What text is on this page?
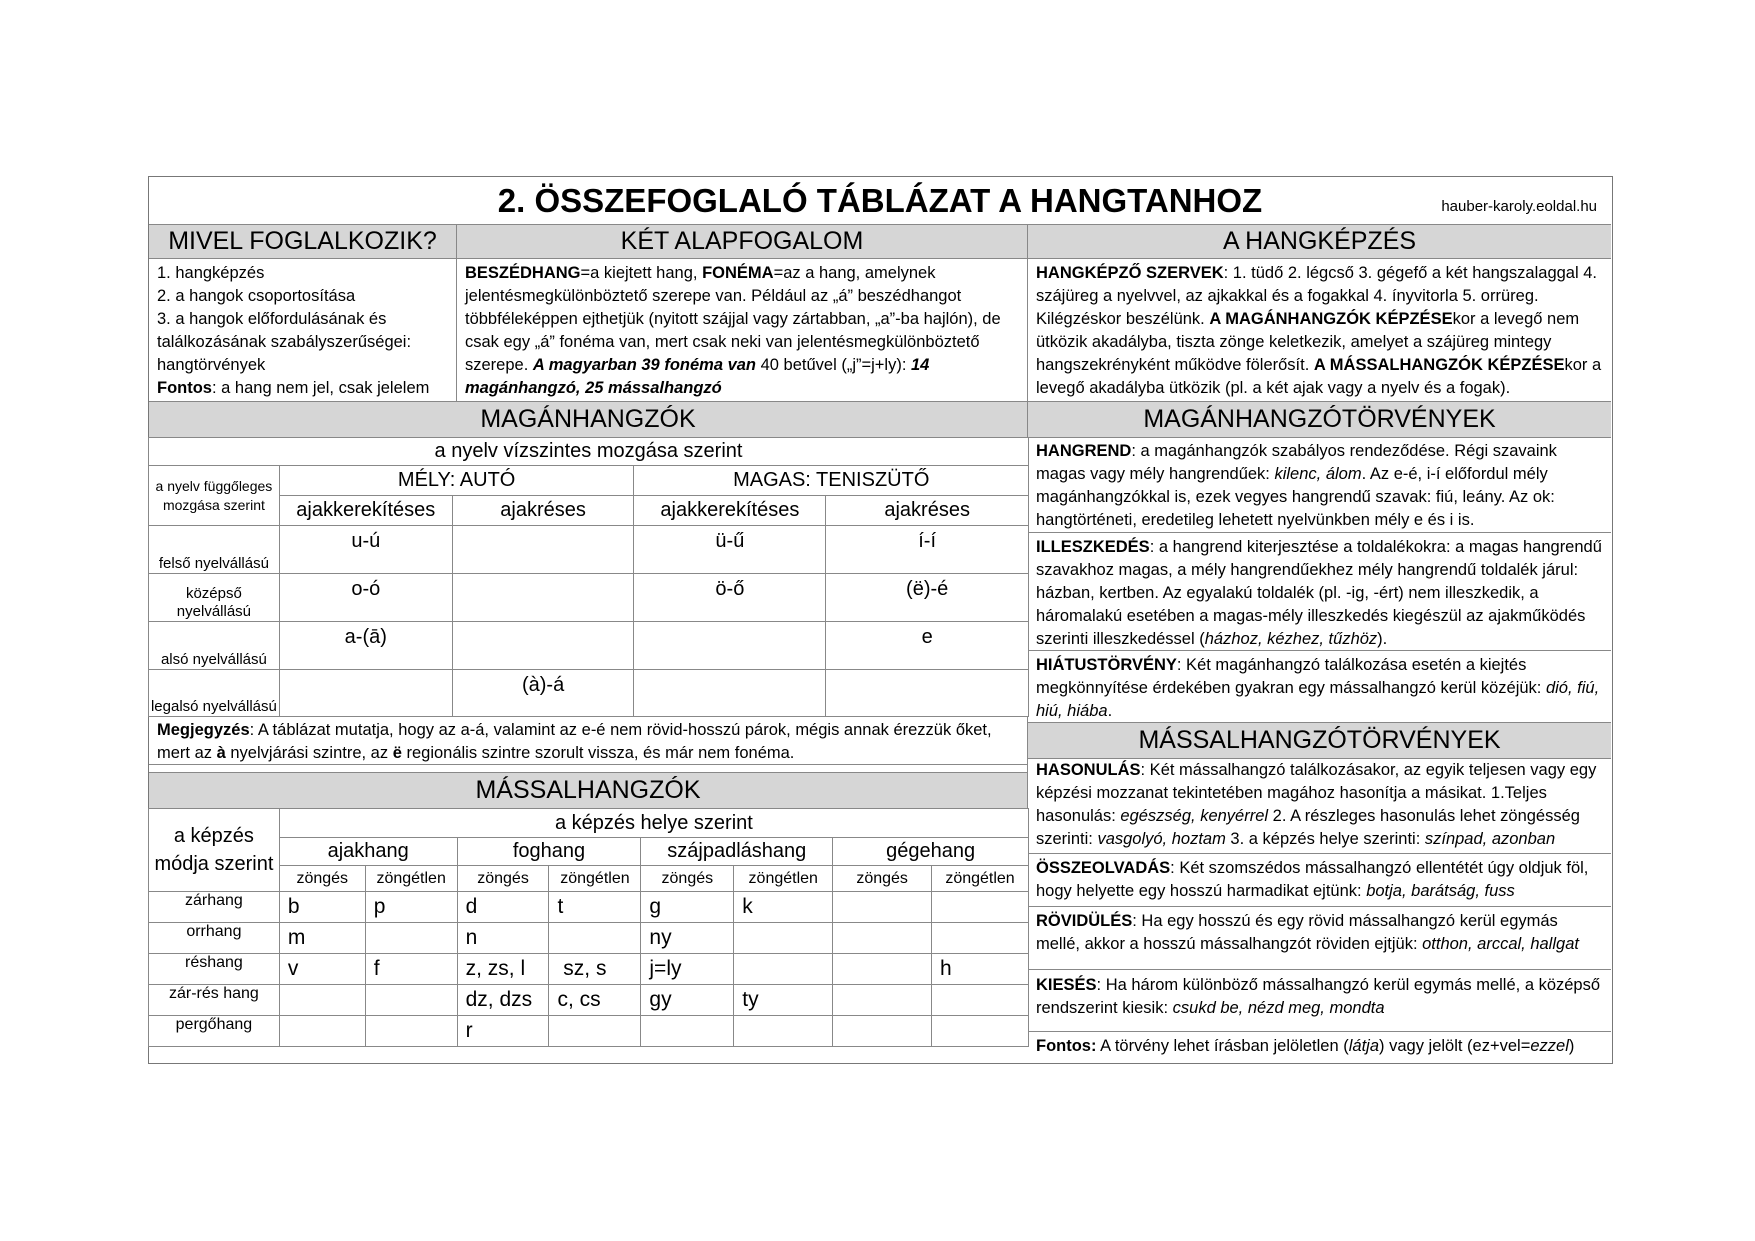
2. ÖSSZEFOGLALÓ TÁBLÁZAT A HANGTANHOZ	hauber-karoly.eoldal.hu
MIVEL FOGLALKOZIK?	KÉT ALAPFOGALOM	A HANGKÉPZÉS
1. hangképzés
2. a hangok csoportosítása
3. a hangok előfordulásának és
találkozásának szabályszerűségei:
hangtörvények
Fontos: a hang nem jel, csak jelelem
BESZÉDHANG=a kiejtett hang, FONÉMA=az a hang, amelynek jelentésmegkülönböztető szerepe van. Például az „á” beszédhangot többféleképpen ejthetjük (nyitott szájjal vagy zártabban, „a”-ba hajlón), de csak egy „á” fonéma van, mert csak neki van jelentésmegkülönböztető szerepe. A magyarban 39 fonéma van 40 betűvel („j”=j+ly): 14 magánhangzó, 25 mássalhangzó
HANGKÉPZŐ SZERVEK: 1. tüdő 2. légcső 3. gégefő a két hangszalaggal 4. szájüreg a nyelvvel, az ajkakkal és a fogakkal 4. ínyvitorla 5. orrüreg. Kilégzéskor beszélünk. A MAGÁNHANGZÓK KÉPZÉSEkor a levegő nem ütközik akadályba, tiszta zönge keletkezik, amelyet a szájüreg mintegy hangszekrényként működve fölerősít. A MÁSSALHANGZÓK KÉPZÉSEkor a levegő akadályba ütközik (pl. a két ajak vagy a nyelv és a fogak).
MAGÁNHANGZÓK
a nyelv vízszintes mozgása szerint				
a nyelv függőleges mozgása szerint	MÉLY: AUTÓ		MAGAS: TENISZÜTŐ	
	ajakkerekítéses	ajakréses	ajakkerekítéses	ajakréses
felső nyelvállású	u-ú		ü-ű	í-í
középső nyelvállású	o-ó		ö-ő	(ë)-é
alsó nyelvállású	a-(ā)			e
legalsó nyelvállású		(à)-á		
Megjegyzés: A táblázat mutatja, hogy az a-á, valamint az e-é nem rövid-hosszú párok, mégis annak érezzük őket, mert az à nyelvjárási szintre, az ë regionális szintre szorult vissza, és már nem fonéma.
MÁSSALHANGZÓK
a képzés módja szerint	a képzés helye szerint							
	ajakhang		foghang		szájpadláshang		gégehang	
	zöngés	zöngétlen	zöngés	zöngétlen	zöngés	zöngétlen	zöngés	zöngétlen
zárhang	b	p	d	t	g	k		
orrhang	m		n		ny			
réshang	v	f	z, zs, l	sz, s	j=ly			h
zár-rés hang			dz, dzs	c, cs	gy	ty		
pergőhang			r					
MAGÁNHANGZÓTÖRVÉNYEK
HANGREND: a magánhangzók szabályos rendeződése. Régi szavaink magas vagy mély hangrendűek: kilenc, álom. Az e-é, i-í előfordul mély magánhangzókkal is, ezek vegyes hangrendű szavak: fiú, leány. Az ok: hangtörténeti, eredetileg lehetett nyelvünkben mély e és i is.
ILLESZKEDÉS: a hangrend kiterjesztése a toldalékokra: a magas hangrendű szavakhoz magas, a mély hangrendűekhez mély hangrendű toldalék járul: házban, kertben. Az egyalakú toldalék (pl. -ig, -ért) nem illeszkedik, a háromalakú esetében a magas-mély illeszkedés kiegészül az ajakműködés szerinti illeszkedéssel (házhoz, kézhez, tűzhöz).
HIÁTUSTÖRVÉNY: Két magánhangzó találkozása esetén a kiejtés megkönnyítése érdekében gyakran egy mássalhangzó kerül közéjük: dió, fiú, hiú, hiába.
MÁSSALHANGZÓTÖRVÉNYEK
HASONULÁS: Két mássalhangzó találkozásakor, az egyik teljesen vagy egy képzési mozzanat tekintetében magához hasonítja a másikat. 1.Teljes hasonulás: egészség, kenyérrel 2. A részleges hasonulás lehet zöngésség szerinti: vasgolyó, hoztam 3. a képzés helye szerinti: színpad, azonban
ÖSSZEOLVADÁS: Két szomszédos mássalhangzó ellentétét úgy oldjuk föl, hogy helyette egy hosszú harmadikat ejtünk: botja, barátság, fuss
RÖVIDÜLÉS: Ha egy hosszú és egy rövid mássalhangzó kerül egymás mellé, akkor a hosszú mássalhangzót röviden ejtjük: otthon, arccal, hallgat
KIESÉS: Ha három különböző mássalhangzó kerül egymás mellé, a középső rendszerint kiesik: csukd be, nézd meg, mondta
Fontos: A törvény lehet írásban jelöletlen (látja) vagy jelölt (ez+vel=ezzel)
